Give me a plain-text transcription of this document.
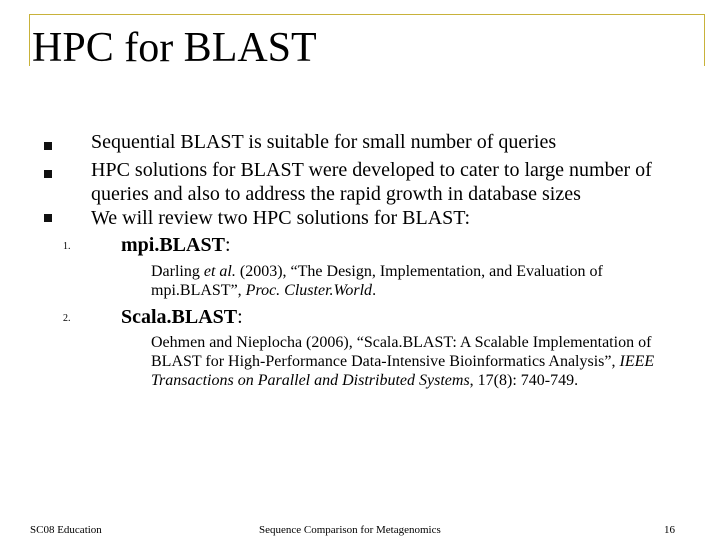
HPC for BLAST
Sequential BLAST is suitable for small number of queries
HPC solutions for BLAST were developed to cater to large number of queries and also to address the rapid growth in database sizes
We will review two HPC solutions for BLAST:
1.	mpi.BLAST:
Darling et al. (2003), “The Design, Implementation, and Evaluation of mpi.BLAST”, Proc. Cluster.World.
2.	Scala.BLAST:
Oehmen and Nieplocha (2006), “Scala.BLAST: A Scalable Implementation of BLAST for High-Performance Data-Intensive Bioinformatics Analysis”, IEEE Transactions on Parallel and Distributed Systems, 17(8): 740-749.
SC08 Education	Sequence Comparison for Metagenomics	16
